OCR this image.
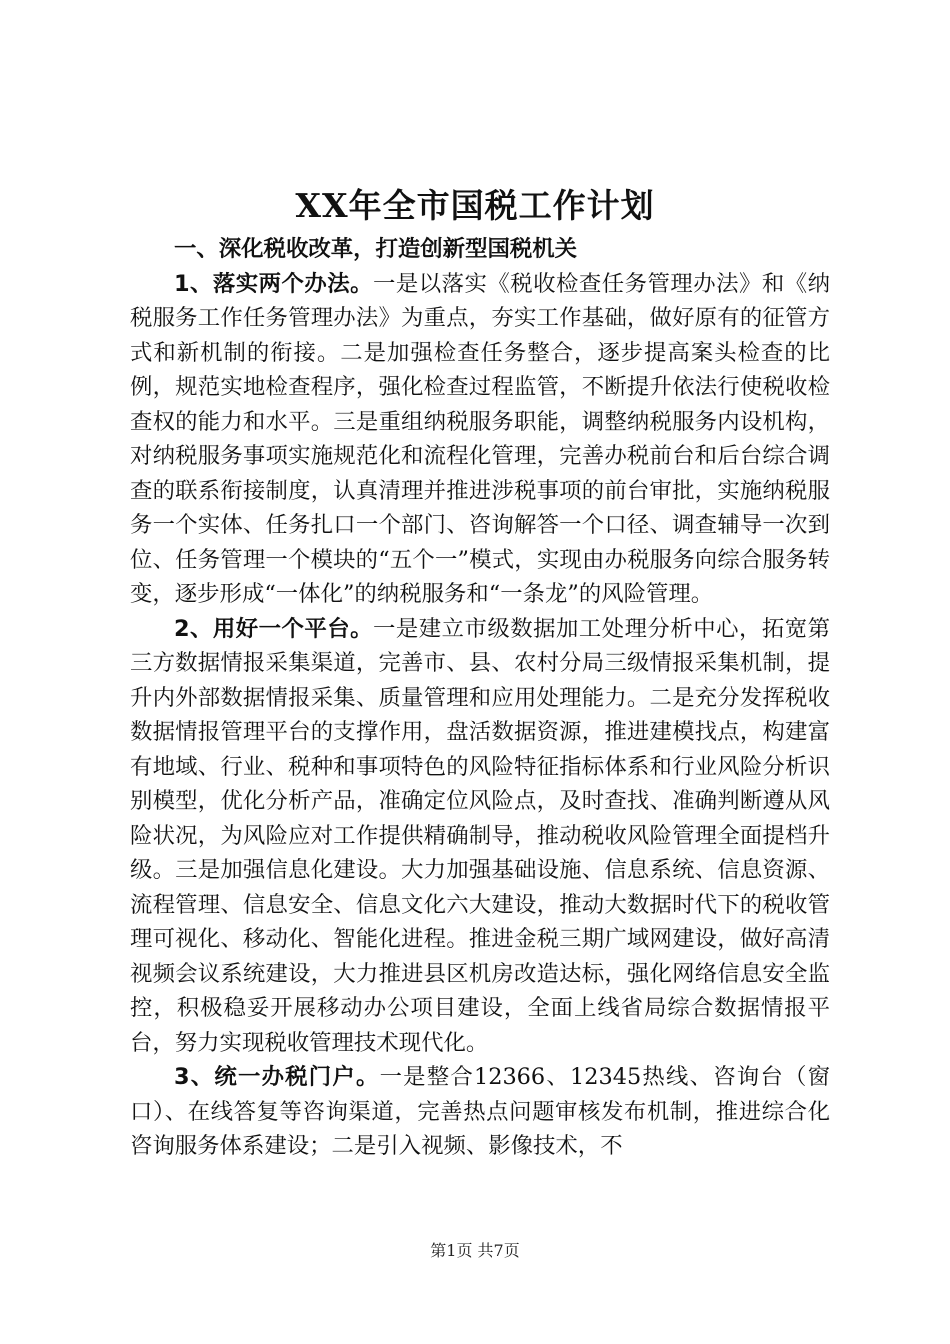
XX年全市国税工作计划

一、深化税收改革，打造创新型国税机关

1、落实两个办法。一是以落实《税收检查任务管理办法》和《纳税服务工作任务管理办法》为重点，夯实工作基础，做好原有的征管方式和新机制的衔接。二是加强检查任务整合，逐步提高案头检查的比例，规范实地检查程序，强化检查过程监管，不断提升依法行使税收检查权的能力和水平。三是重组纳税服务职能，调整纳税服务内设机构，对纳税服务事项实施规范化和流程化管理，完善办税前台和后台综合调查的联系衔接制度，认真清理并推进涉税事项的前台审批，实施纳税服务一个实体、任务扎口一个部门、咨询解答一个口径、调查辅导一次到位、任务管理一个模块的“五个一”模式，实现由办税服务向综合服务转变，逐步形成“一体化”的纳税服务和“一条龙”的风险管理。

2、用好一个平台。一是建立市级数据加工处理分析中心，拓宽第三方数据情报采集渠道，完善市、县、农村分局三级情报采集机制，提升内外部数据情报采集、质量管理和应用处理能力。二是充分发挥税收数据情报管理平台的支撑作用，盘活数据资源，推进建模找点，构建富有地域、行业、税种和事项特色的风险特征指标体系和行业风险分析识别模型，优化分析产品，准确定位风险点，及时查找、准确判断遵从风险状况，为风险应对工作提供精确制导，推动税收风险管理全面提档升级。三是加强信息化建设。大力加强基础设施、信息系统、信息资源、流程管理、信息安全、信息文化六大建设，推动大数据时代下的税收管理可视化、移动化、智能化进程。推进金税三期广域网建设，做好高清视频会议系统建设，大力推进县区机房改造达标，强化网络信息安全监控，积极稳妥开展移动办公项目建设，全面上线省局综合数据情报平台，努力实现税收管理技术现代化。

3、统一办税门户。一是整合12366、12345热线、咨询台（窗口）、在线答复等咨询渠道，完善热点问题审核发布机制，推进综合化咨询服务体系建设；二是引入视频、影像技术，不

第1页 共7页
